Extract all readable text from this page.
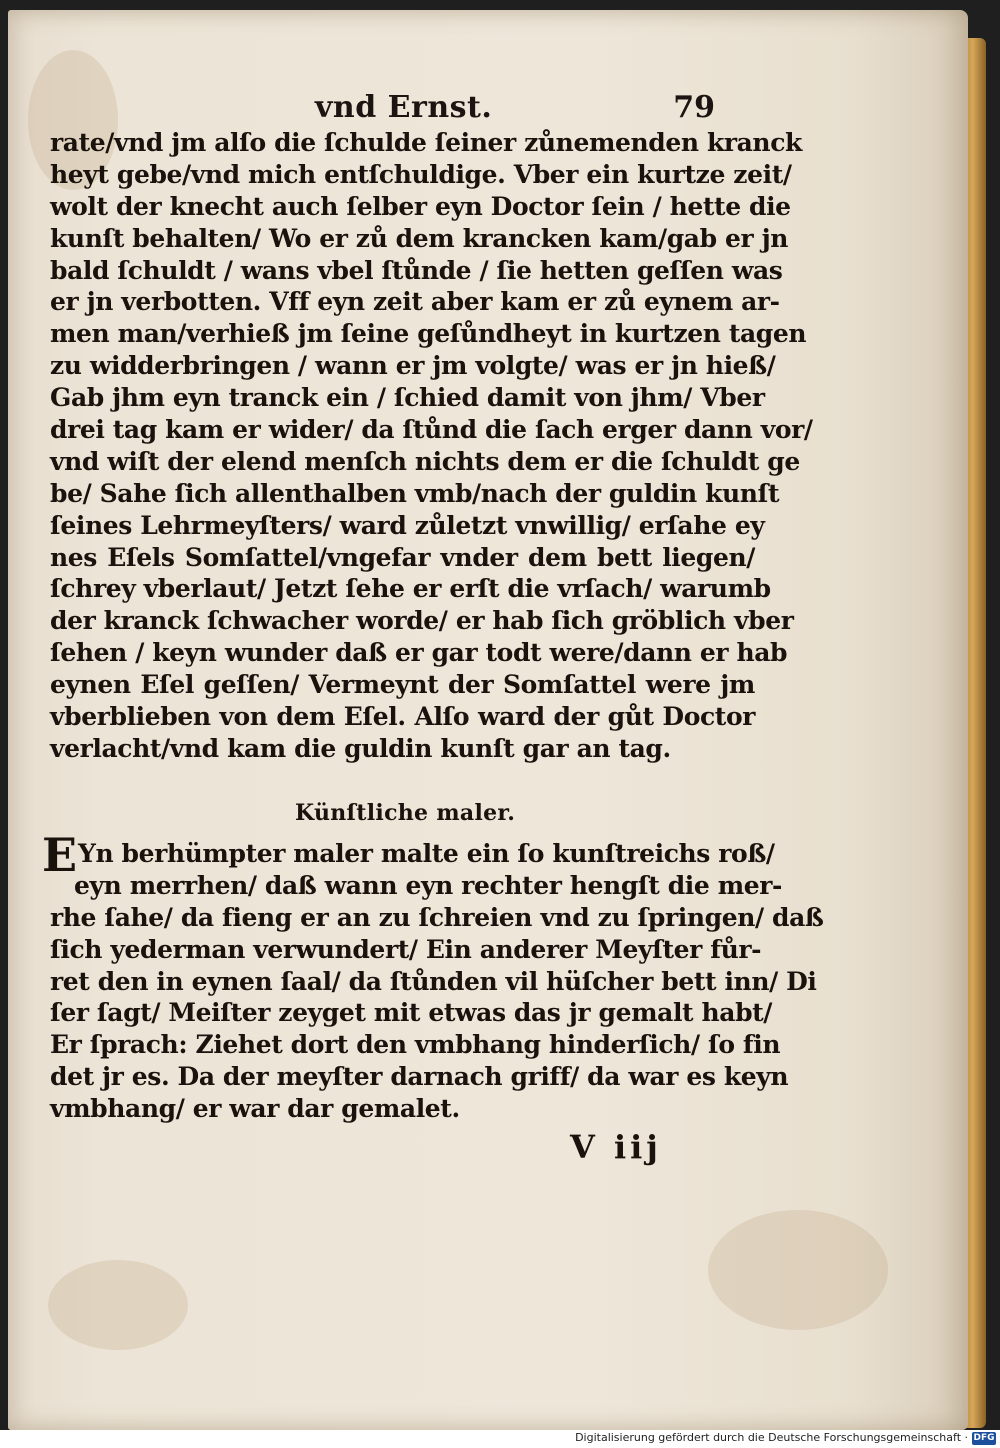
vnd Ernst.	79
rate/vnd jm alſo die ſchulde ſeiner zůnemenden kranck
heyt gebe/vnd mich entſchuldige. Vber ein kurtze zeit/
wolt der knecht auch ſelber eyn Doctor ſein / hette die
kunſt behalten/ Wo er zů dem krancken kam/gab er jn
bald ſchuldt / wans vbel ſtůnde / ſie hetten geſſen was
er jn verbotten. Vff eyn zeit aber kam er zů eynem ar‑
men man/verhieß jm ſeine geſůndheyt in kurtzen tagen
zu widderbringen / wann er jm volgte/ was er jn hieß/
Gab jhm eyn tranck ein / ſchied damit von jhm/ Vber
drei tag kam er wider/ da ſtůnd die ſach erger dann vor/
vnd wiſt der elend menſch nichts dem er die ſchuldt ge
be/ Sahe ſich allenthalben vmb/nach der guldin kunſt
ſeines Lehrmeyſters/ ward zůletzt vnwillig/ erſahe ey
nes Eſels Somſattel/vngefar vnder dem bett liegen/
ſchrey vberlaut/ Jetzt ſehe er erſt die vrſach/ warumb
der kranck ſchwacher worde/ er hab ſich gröblich vber
ſehen / keyn wunder daß er gar todt were/dann er hab
eynen Eſel geſſen/ Vermeynt der Somſattel were jm
vberblieben von dem Eſel. Alſo ward der gůt Doctor
verlacht/vnd kam die guldin kunſt gar an tag.
Künſtliche maler.
E Yn berhümpter maler malte ein ſo kunſtreichs roß/
eyn merrhen/ daß wann eyn rechter hengſt die mer‑
rhe ſahe/ da fieng er an zu ſchreien vnd zu ſpringen/ daß
ſich yederman verwundert/ Ein anderer Meyſter fůr‑
ret den in eynen ſaal/ da ſtůnden vil hüſcher bett inn/ Di
ſer ſagt/ Meiſter zeyget mit etwas das jr gemalt habt/
Er ſprach: Ziehet dort den vmbhang hinderſich/ ſo fin
det jr es. Da der meyſter darnach griff/ da war es keyn
vmbhang/ er war dar gemalet.
V iij
Digitalisierung gefördert durch die Deutsche Forschungsgemeinschaft · DFG
